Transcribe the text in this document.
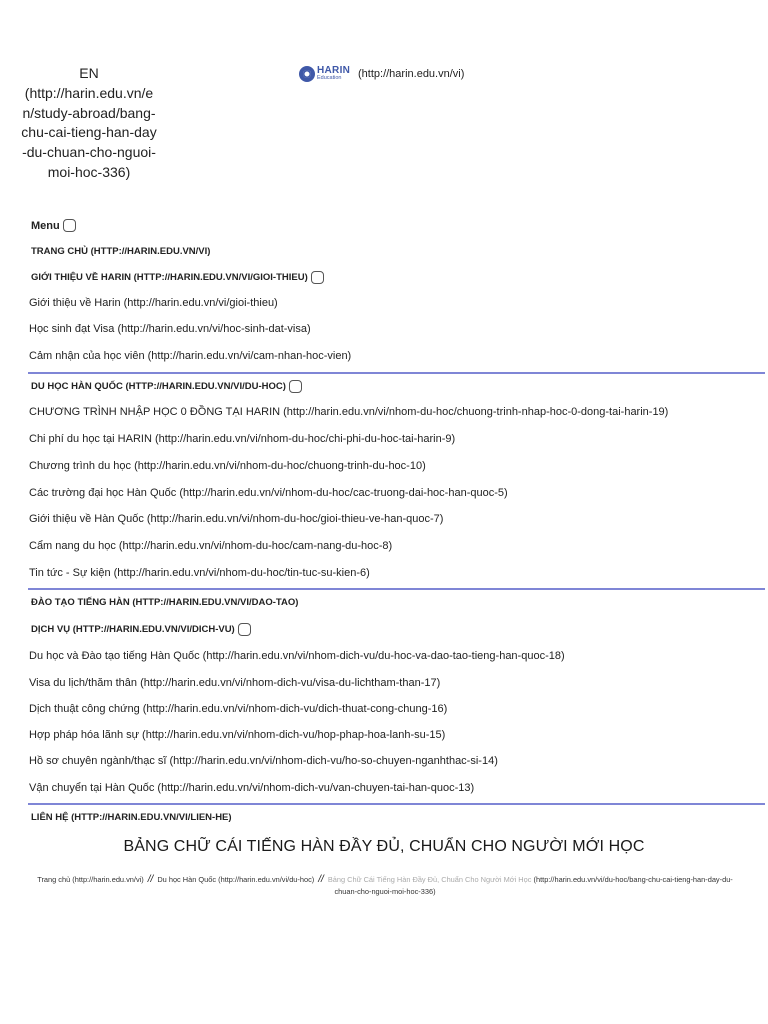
EN
(http://harin.edu.vn/en/study-abroad/bang-chu-cai-tieng-han-day-du-chuan-cho-nguoi-moi-hoc-336)
HARIN
Education	(http://harin.edu.vn/vi)
Menu
TRANG CHỦ (HTTP://HARIN.EDU.VN/VI)
GIỚI THIỆU VỀ HARIN (HTTP://HARIN.EDU.VN/VI/GIOI-THIEU)
Giới thiệu về Harin (http://harin.edu.vn/vi/gioi-thieu)
Học sinh đạt Visa (http://harin.edu.vn/vi/hoc-sinh-dat-visa)
Cảm nhận của học viên (http://harin.edu.vn/vi/cam-nhan-hoc-vien)
DU HỌC HÀN QUỐC (HTTP://HARIN.EDU.VN/VI/DU-HOC)
CHƯƠNG TRÌNH NHẬP HỌC 0 ĐỒNG TẠI HARIN (http://harin.edu.vn/vi/nhom-du-hoc/chuong-trinh-nhap-hoc-0-dong-tai-harin-19)
Chi phí du học tại HARIN (http://harin.edu.vn/vi/nhom-du-hoc/chi-phi-du-hoc-tai-harin-9)
Chương trình du học (http://harin.edu.vn/vi/nhom-du-hoc/chuong-trinh-du-hoc-10)
Các trường đại học Hàn Quốc (http://harin.edu.vn/vi/nhom-du-hoc/cac-truong-dai-hoc-han-quoc-5)
Giới thiệu về Hàn Quốc (http://harin.edu.vn/vi/nhom-du-hoc/gioi-thieu-ve-han-quoc-7)
Cẩm nang du học (http://harin.edu.vn/vi/nhom-du-hoc/cam-nang-du-hoc-8)
Tin tức - Sự kiện (http://harin.edu.vn/vi/nhom-du-hoc/tin-tuc-su-kien-6)
ĐÀO TẠO TIẾNG HÀN (HTTP://HARIN.EDU.VN/VI/DAO-TAO)
DỊCH VỤ (HTTP://HARIN.EDU.VN/VI/DICH-VU)
Du học và Đào tạo tiếng Hàn Quốc (http://harin.edu.vn/vi/nhom-dich-vu/du-hoc-va-dao-tao-tieng-han-quoc-18)
Visa du lịch/thăm thân (http://harin.edu.vn/vi/nhom-dich-vu/visa-du-lichtham-than-17)
Dịch thuật công chứng (http://harin.edu.vn/vi/nhom-dich-vu/dich-thuat-cong-chung-16)
Hợp pháp hóa lãnh sự (http://harin.edu.vn/vi/nhom-dich-vu/hop-phap-hoa-lanh-su-15)
Hồ sơ chuyên ngành/thạc sĩ (http://harin.edu.vn/vi/nhom-dich-vu/ho-so-chuyen-nganhthac-si-14)
Vận chuyển tại Hàn Quốc (http://harin.edu.vn/vi/nhom-dich-vu/van-chuyen-tai-han-quoc-13)
LIÊN HỆ (HTTP://HARIN.EDU.VN/VI/LIEN-HE)
BẢNG CHỮ CÁI TIẾNG HÀN ĐẦY ĐỦ, CHUẨN CHO NGƯỜI MỚI HỌC
Trang chủ (http://harin.edu.vn/vi) // Du học Hàn Quốc (http://harin.edu.vn/vi/du-hoc) // Bảng Chữ Cái Tiếng Hàn Đầy Đủ, Chuẩn Cho Người Mới Học (http://harin.edu.vn/vi/du-hoc/bang-chu-cai-tieng-han-day-du-chuan-cho-nguoi-moi-hoc-336)
